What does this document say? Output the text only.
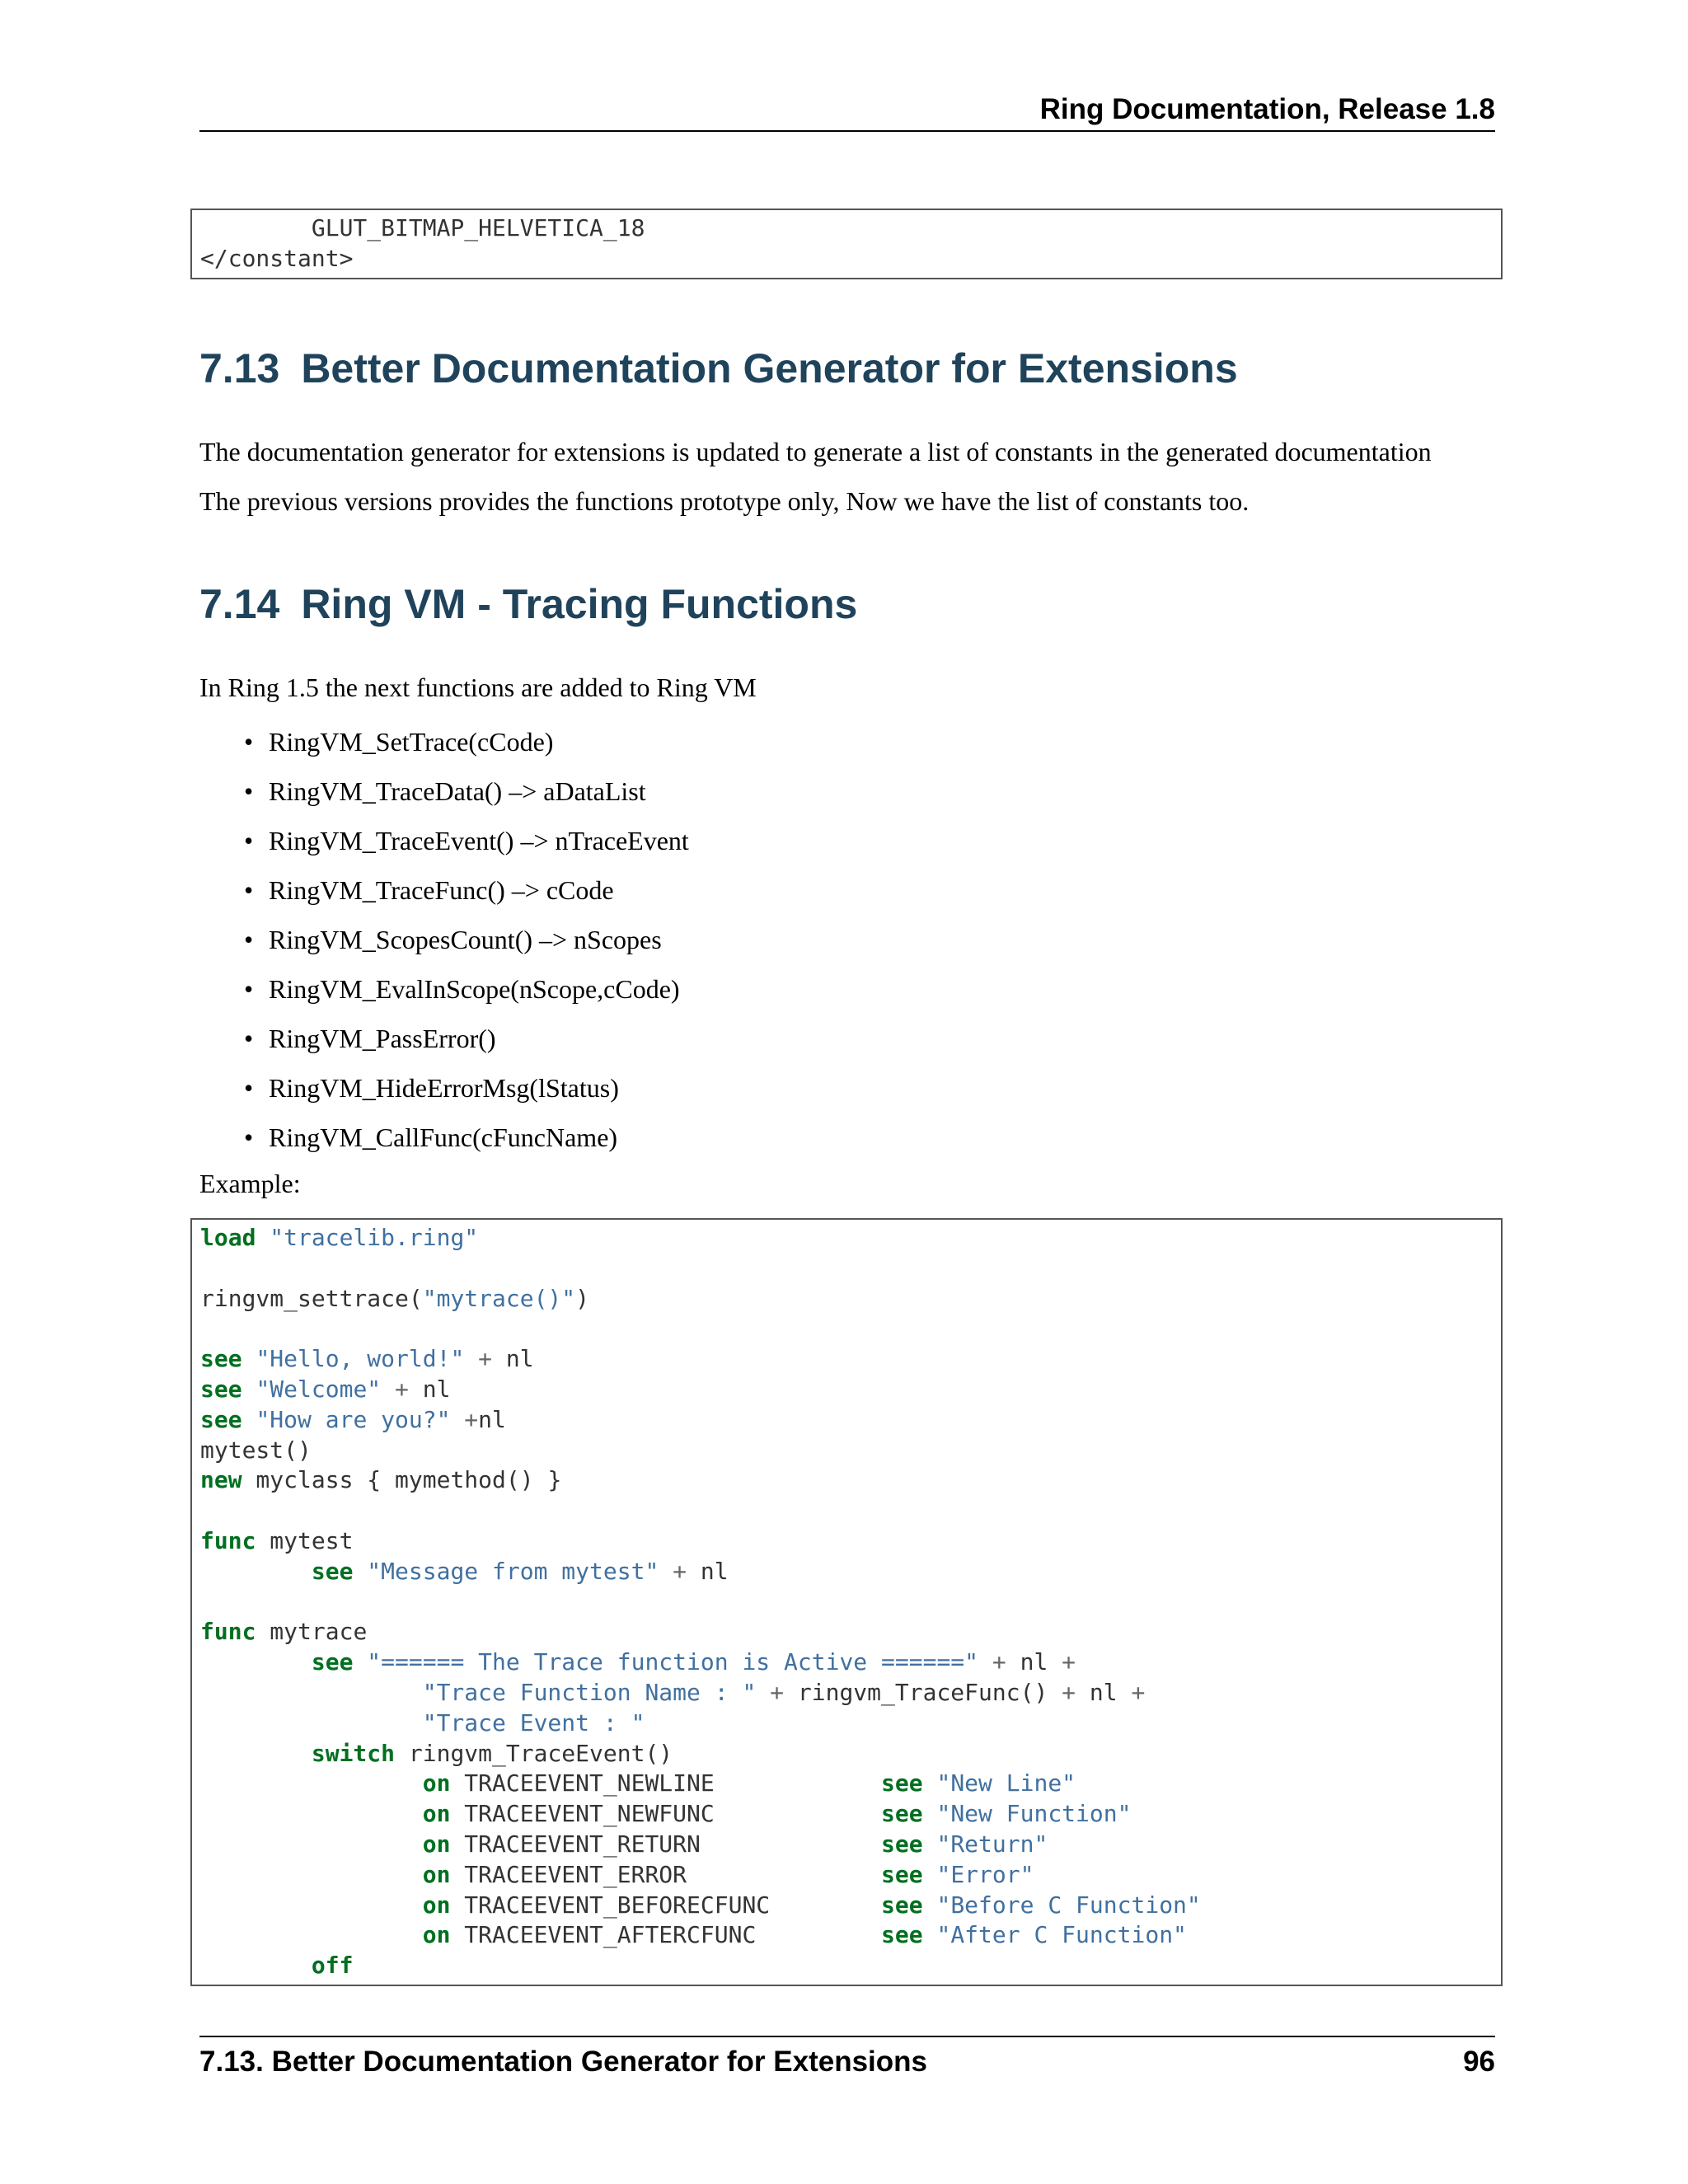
Ring Documentation, Release 1.8
GLUT_BITMAP_HELVETICA_18
</constant>
7.13 Better Documentation Generator for Extensions
The documentation generator for extensions is updated to generate a list of constants in the generated documentation
The previous versions provides the functions prototype only, Now we have the list of constants too.
7.14 Ring VM - Tracing Functions
In Ring 1.5 the next functions are added to Ring VM
• RingVM_SetTrace(cCode)
• RingVM_TraceData() –> aDataList
• RingVM_TraceEvent() –> nTraceEvent
• RingVM_TraceFunc() –> cCode
• RingVM_ScopesCount() –> nScopes
• RingVM_EvalInScope(nScope,cCode)
• RingVM_PassError()
• RingVM_HideErrorMsg(lStatus)
• RingVM_CallFunc(cFuncName)
Example:
load "tracelib.ring"
ringvm_settrace("mytrace()")
see "Hello, world!" + nl
see "Welcome" + nl
see "How are you?" +nl
mytest()
new myclass { mymethod() }
func mytest
see "Message from mytest" + nl
func mytrace
see "====== The Trace function is Active ======" + nl +
"Trace Function Name : " + ringvm_TraceFunc() + nl +
"Trace Event : "
switch ringvm_TraceEvent()
on TRACEEVENT_NEWLINE            see "New Line"
on TRACEEVENT_NEWFUNC            see "New Function"
on TRACEEVENT_RETURN             see "Return"
on TRACEEVENT_ERROR              see "Error"
on TRACEEVENT_BEFORECFUNC        see "Before C Function"
on TRACEEVENT_AFTERCFUNC         see "After C Function"
off
7.13. Better Documentation Generator for Extensions	96
